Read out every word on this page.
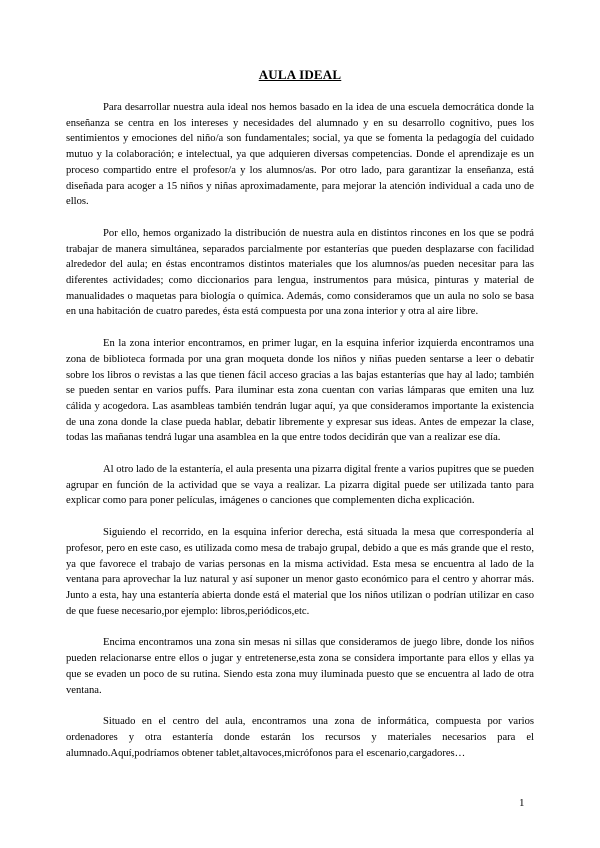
AULA IDEAL

Para desarrollar nuestra aula ideal nos hemos basado en la idea de una escuela democrática donde la enseñanza se centra en los intereses y necesidades del alumnado y en su desarrollo cognitivo, pues los sentimientos y emociones del niño/a son fundamentales; social, ya que se fomenta la pedagogía del cuidado mutuo y la colaboración; e intelectual, ya que adquieren diversas competencias. Donde el aprendizaje es un proceso compartido entre el profesor/a y los alumnos/as. Por otro lado, para garantizar la enseñanza, está diseñada para acoger a 15 niños y niñas aproximadamente, para mejorar la atención individual a cada uno de ellos.

Por ello, hemos organizado la distribución de nuestra aula en distintos rincones en los que se podrá trabajar de manera simultánea, separados parcialmente por estanterías que pueden desplazarse con facilidad alrededor del aula; en éstas encontramos distintos materiales que los alumnos/as pueden necesitar para las diferentes actividades; como diccionarios para lengua, instrumentos para música, pinturas y material de manualidades o maquetas para biología o química. Además, como consideramos que un aula no solo se basa en una habitación de cuatro paredes, ésta está compuesta por una zona interior y otra al aire libre.

En la zona interior encontramos, en primer lugar, en la esquina inferior izquierda encontramos una zona de biblioteca formada por una gran moqueta donde los niños y niñas pueden sentarse a leer o debatir sobre los libros o revistas a las que tienen fácil acceso gracias a las bajas estanterías que hay al lado; también se pueden sentar en varios puffs. Para iluminar esta zona cuentan con varias lámparas que emiten una luz cálida y acogedora. Las asambleas también tendrán lugar aquí, ya que consideramos importante la existencia de una zona donde la clase pueda hablar, debatir libremente y expresar sus ideas. Antes de empezar la clase, todas las mañanas tendrá lugar una asamblea en la que entre todos decidirán que van a realizar ese día.

Al otro lado de la estantería, el aula presenta una pizarra digital frente a varios pupitres que se pueden agrupar en función de la actividad que se vaya a realizar. La pizarra digital puede ser utilizada tanto para explicar como para poner películas, imágenes o canciones que complementen dicha explicación.

Siguiendo el recorrido, en la esquina inferior derecha, está situada la mesa que correspondería al profesor, pero en este caso, es utilizada como mesa de trabajo grupal, debido a que es más grande que el resto, ya que favorece el trabajo de varias personas en la misma actividad. Esta mesa se encuentra al lado de la ventana para aprovechar la luz natural y así suponer un menor gasto económico para el centro y ahorrar más. Junto a esta, hay una estantería abierta donde está el material que los niños utilizan o podrían utilizar en caso de que fuese necesario,por ejemplo: libros,periódicos,etc.

Encima encontramos una zona sin mesas ni sillas que consideramos de juego libre, donde los niños pueden relacionarse entre ellos o jugar y entretenerse,esta zona se considera importante para ellos y ellas ya que se evaden un poco de su rutina. Siendo esta zona muy iluminada puesto que se encuentra al lado de otra ventana.

Situado en el centro del aula, encontramos una zona de informática, compuesta por varios ordenadores y otra estantería donde estarán los recursos y materiales necesarios para el alumnado.Aquí,podríamos obtener tablet,altavoces,micrófonos para el escenario,cargadores…

1
